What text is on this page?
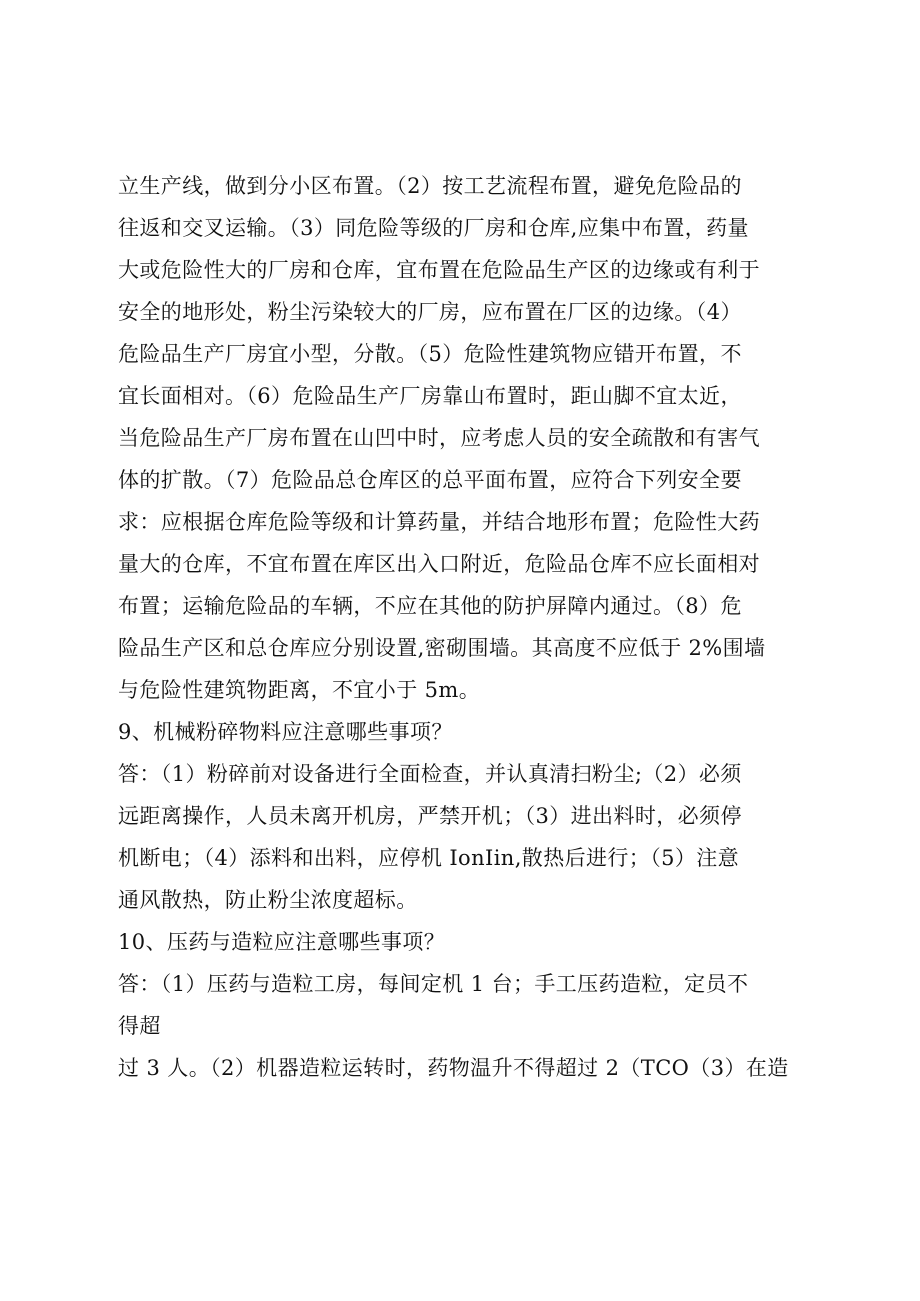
立生产线，做到分小区布置。（2）按工艺流程布置，避免危险品的
往返和交叉运输。（3）同危险等级的厂房和仓库,应集中布置，药量
大或危险性大的厂房和仓库，宜布置在危险品生产区的边缘或有利于
安全的地形处，粉尘污染较大的厂房，应布置在厂区的边缘。（4）
危险品生产厂房宜小型，分散。（5）危险性建筑物应错开布置，不
宜长面相对。（6）危险品生产厂房靠山布置时，距山脚不宜太近，
当危险品生产厂房布置在山凹中时，应考虑人员的安全疏散和有害气
体的扩散。（7）危险品总仓库区的总平面布置，应符合下列安全要
求：应根据仓库危险等级和计算药量，并结合地形布置；危险性大药
量大的仓库，不宜布置在库区出入口附近，危险品仓库不应长面相对
布置；运输危险品的车辆，不应在其他的防护屏障内通过。（8）危
险品生产区和总仓库应分别设置,密砌围墙。其高度不应低于 2%围墙
与危险性建筑物距离，不宜小于 5m。
9、机械粉碎物料应注意哪些事项？
答：（1）粉碎前对设备进行全面检查，并认真清扫粉尘;（2）必须
远距离操作，人员未离开机房，严禁开机；（3）进出料时，必须停
机断电；（4）添料和出料，应停机 IonIin,散热后进行；（5）注意
通风散热，防止粉尘浓度超标。
10、压药与造粒应注意哪些事项？
答：（1）压药与造粒工房，每间定机 1 台；手工压药造粒，定员不
得超
过 3 人。（2）机器造粒运转时，药物温升不得超过 2（TCO（3）在造
